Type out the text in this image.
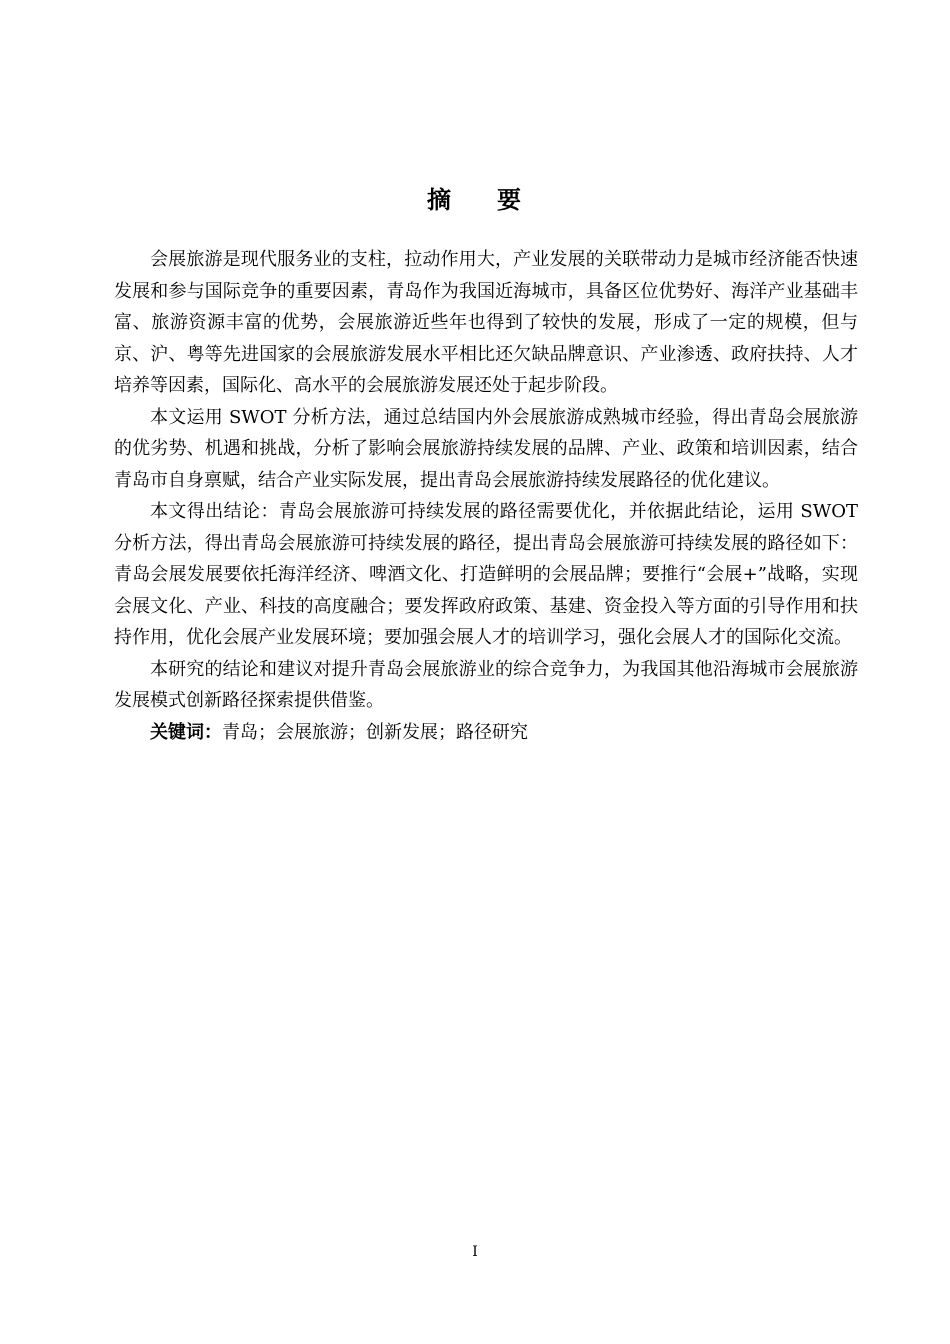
摘 要

会展旅游是现代服务业的支柱，拉动作用大，产业发展的关联带动力是城市经济能否快速发展和参与国际竞争的重要因素，青岛作为我国近海城市，具备区位优势好、海洋产业基础丰富、旅游资源丰富的优势，会展旅游近些年也得到了较快的发展，形成了一定的规模，但与京、沪、粤等先进国家的会展旅游发展水平相比还欠缺品牌意识、产业渗透、政府扶持、人才培养等因素，国际化、高水平的会展旅游发展还处于起步阶段。

本文运用 SWOT 分析方法，通过总结国内外会展旅游成熟城市经验，得出青岛会展旅游的优劣势、机遇和挑战，分析了影响会展旅游持续发展的品牌、产业、政策和培训因素，结合青岛市自身禀赋，结合产业实际发展，提出青岛会展旅游持续发展路径的优化建议。

本文得出结论：青岛会展旅游可持续发展的路径需要优化，并依据此结论，运用 SWOT 分析方法，得出青岛会展旅游可持续发展的路径，提出青岛会展旅游可持续发展的路径如下：青岛会展发展要依托海洋经济、啤酒文化、打造鲜明的会展品牌；要推行“会展+”战略，实现会展文化、产业、科技的高度融合；要发挥政府政策、基建、资金投入等方面的引导作用和扶持作用，优化会展产业发展环境；要加强会展人才的培训学习，强化会展人才的国际化交流。

本研究的结论和建议对提升青岛会展旅游业的综合竞争力，为我国其他沿海城市会展旅游发展模式创新路径探索提供借鉴。

关键词：青岛；会展旅游；创新发展；路径研究

I
